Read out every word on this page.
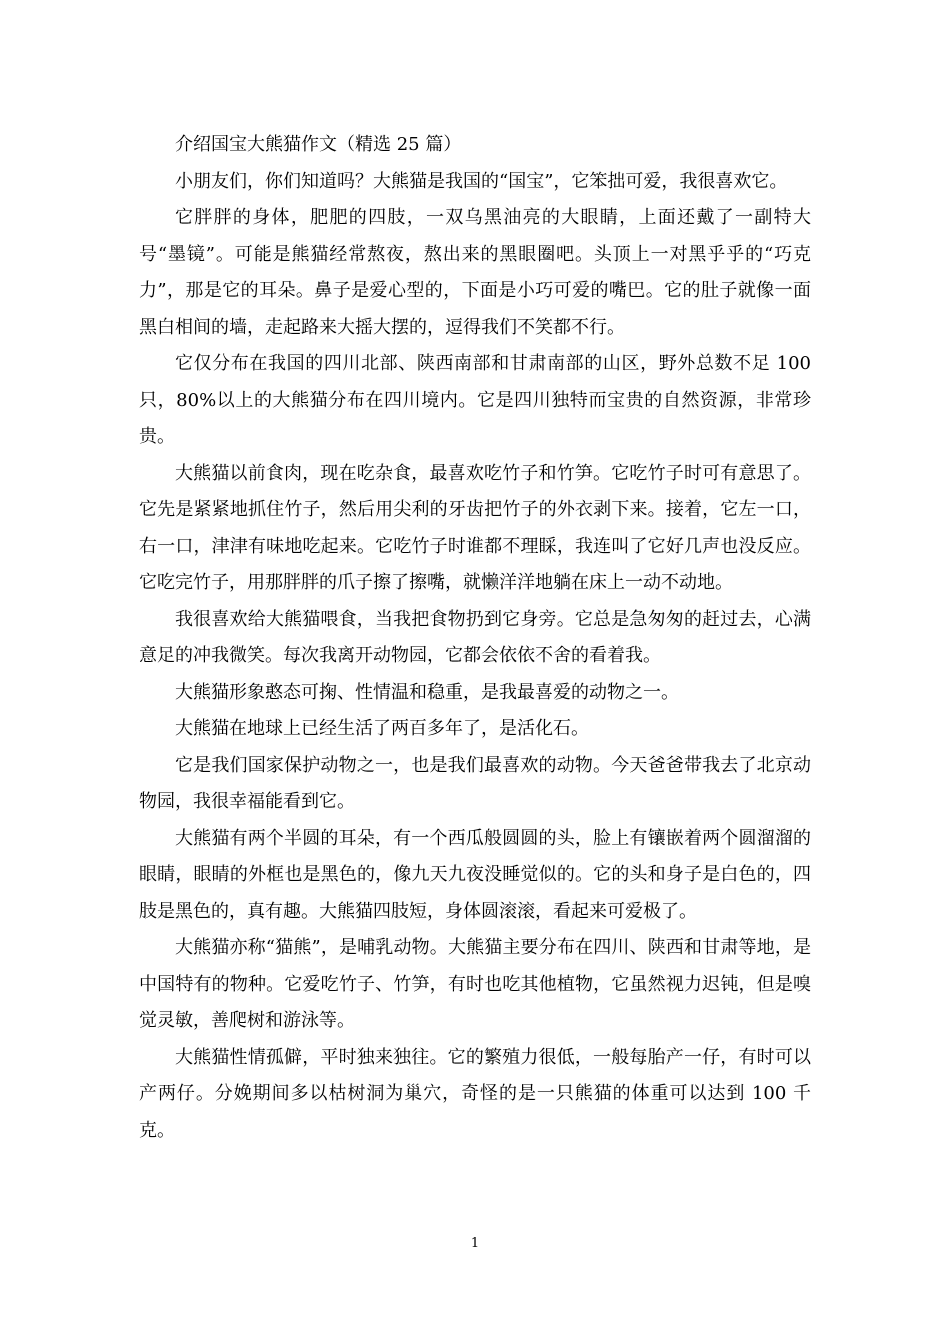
介绍国宝大熊猫作文（精选 25 篇）

小朋友们，你们知道吗？大熊猫是我国的“国宝”，它笨拙可爱，我很喜欢它。

它胖胖的身体，肥肥的四肢，一双乌黑油亮的大眼睛，上面还戴了一副特大号“墨镜”。可能是熊猫经常熬夜，熬出来的黑眼圈吧。头顶上一对黑乎乎的“巧克力”，那是它的耳朵。鼻子是爱心型的，下面是小巧可爱的嘴巴。它的肚子就像一面黑白相间的墙，走起路来大摇大摆的，逗得我们不笑都不行。

它仅分布在我国的四川北部、陕西南部和甘肃南部的山区，野外总数不足 100 只，80%以上的大熊猫分布在四川境内。它是四川独特而宝贵的自然资源，非常珍贵。

大熊猫以前食肉，现在吃杂食，最喜欢吃竹子和竹笋。它吃竹子时可有意思了。它先是紧紧地抓住竹子，然后用尖利的牙齿把竹子的外衣剥下来。接着，它左一口，右一口，津津有味地吃起来。它吃竹子时谁都不理睬，我连叫了它好几声也没反应。它吃完竹子，用那胖胖的爪子擦了擦嘴，就懒洋洋地躺在床上一动不动地。

我很喜欢给大熊猫喂食，当我把食物扔到它身旁。它总是急匆匆的赶过去，心满意足的冲我微笑。每次我离开动物园，它都会依依不舍的看着我。

大熊猫形象憨态可掬、性情温和稳重，是我最喜爱的动物之一。

大熊猫在地球上已经生活了两百多年了，是活化石。

它是我们国家保护动物之一，也是我们最喜欢的动物。今天爸爸带我去了北京动物园，我很幸福能看到它。

大熊猫有两个半圆的耳朵，有一个西瓜般圆圆的头，脸上有镶嵌着两个圆溜溜的眼睛，眼睛的外框也是黑色的，像九天九夜没睡觉似的。它的头和身子是白色的，四肢是黑色的，真有趣。大熊猫四肢短，身体圆滚滚，看起来可爱极了。

大熊猫亦称“猫熊”，是哺乳动物。大熊猫主要分布在四川、陕西和甘肃等地，是中国特有的物种。它爱吃竹子、竹笋，有时也吃其他植物，它虽然视力迟钝，但是嗅觉灵敏，善爬树和游泳等。

大熊猫性情孤僻，平时独来独往。它的繁殖力很低，一般每胎产一仔，有时可以产两仔。分娩期间多以枯树洞为巢穴，奇怪的是一只熊猫的体重可以达到 100 千克。

1
